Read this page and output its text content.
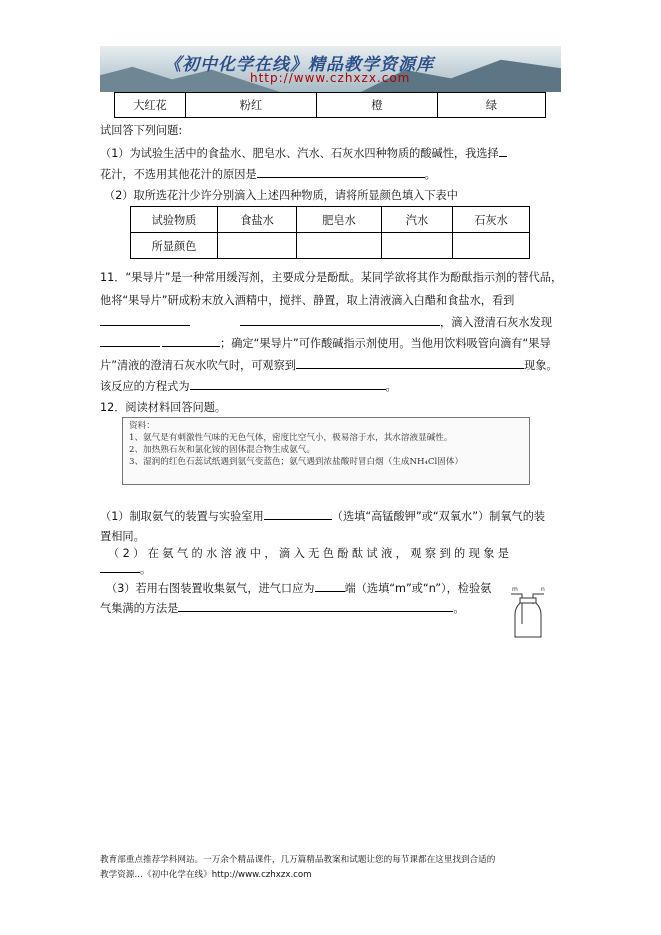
《初中化学在线》精品教学资源库
http://www.czhxzx.com
大红花	粉红	橙	绿
试回答下列问题:
（1）为试验生活中的食盐水、肥皂水、汽水、石灰水四种物质的酸碱性，我选择
花汁，不选用其他花汁的原因是	。
（2）取所选花汁少许分别滴入上述四种物质，请将所显颜色填入下表中
试验物质	食盐水	肥皂水	汽水	石灰水
所显颜色				
11．“果导片”是一种常用缓泻剂，主要成分是酚酞。某同学欲将其作为酚酞指示剂的替代品，
他将“果导片”研成粉末放入酒精中，搅拌、静置，取上清液滴入白醋和食盐水，看到
，滴入澄清石灰水发现
；确定“果导片”可作酸碱指示剂使用。当他用饮料吸管向滴有“果导
片”清液的澄清石灰水吹气时，可观察到	现象。
该反应的方程式为	。
12．阅读材料回答问题。
资料：
1、氨气是有刺激性气味的无色气体，密度比空气小，极易溶于水，其水溶液显碱性。
2、加热熟石灰和氯化铵的固体混合物生成氨气。
3、湿润的红色石蕊试纸遇到氨气变蓝色；氨气遇到浓盐酸时冒白烟（生成NH₄Cl固体）
（1）制取氨气的装置与实验室用	（选填“高锰酸钾”或“双氧水”）制氧气的装
置相同。
（2）在氨气的水溶液中，滴入无色酚酞试液，观察到的现象是
。
（3）若用右图装置收集氨气，进气口应为	端（选填“m”或“n”），检验氨
气集满的方法是	。
m	n
教育部重点推荐学科网站。一万余个精品课件，几万篇精品教案和试题让您的每节课都在这里找到合适的
教学资源…《初中化学在线》http://www.czhxzx.com
